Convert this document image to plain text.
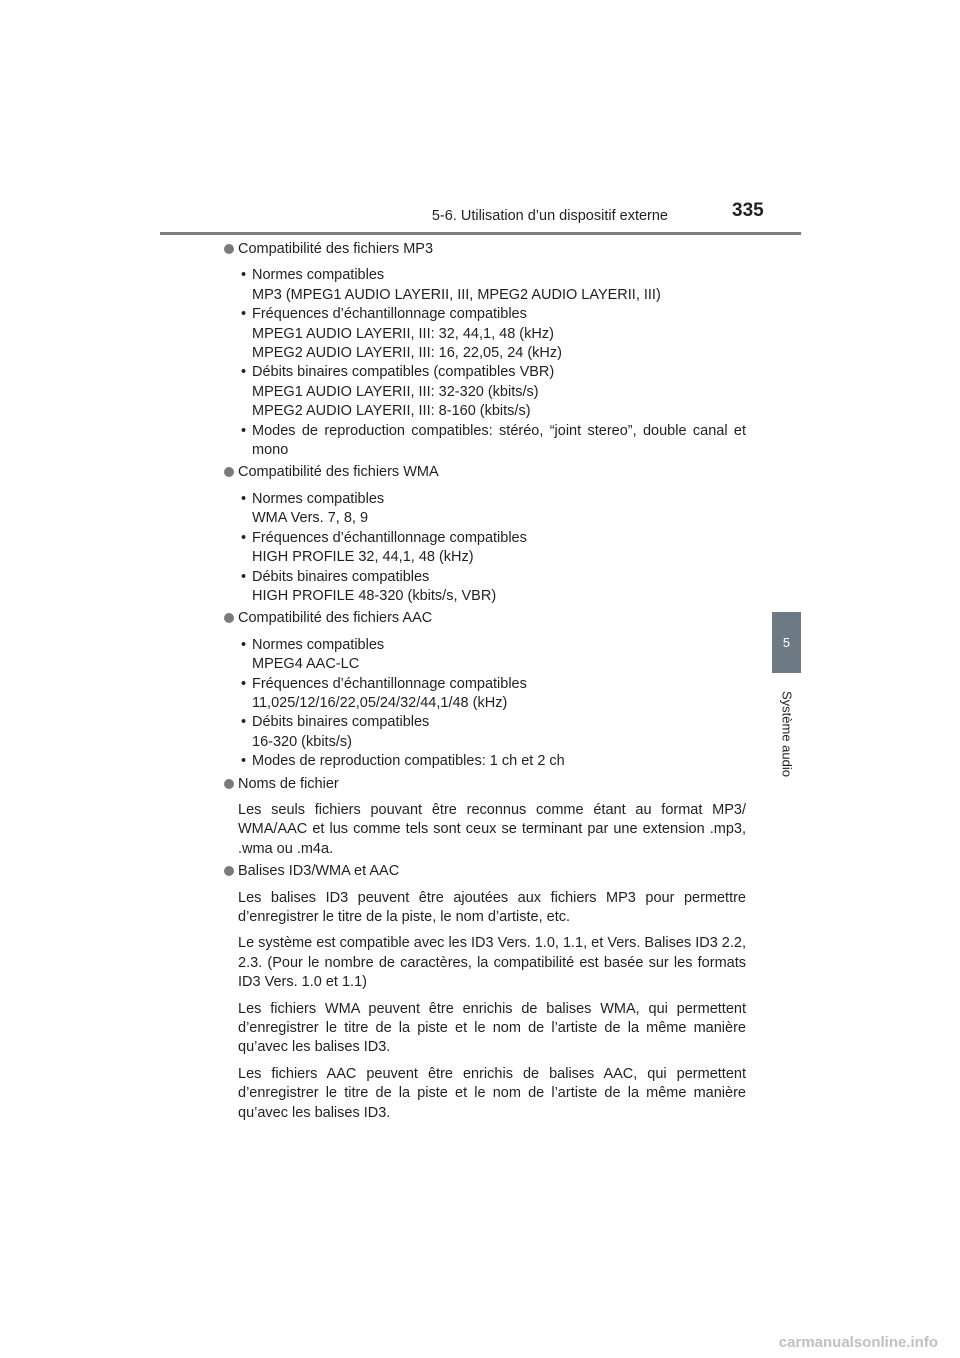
5-6. Utilisation d’un dispositif externe	335
5
Système audio
Compatibilité des fichiers MP3
• Normes compatibles
MP3 (MPEG1 AUDIO LAYERII, III, MPEG2 AUDIO LAYERII, III)
• Fréquences d’échantillonnage compatibles
MPEG1 AUDIO LAYERII, III: 32, 44,1, 48 (kHz)
MPEG2 AUDIO LAYERII, III: 16, 22,05, 24 (kHz)
• Débits binaires compatibles (compatibles VBR)
MPEG1 AUDIO LAYERII, III: 32-320 (kbits/s)
MPEG2 AUDIO LAYERII, III: 8-160 (kbits/s)
• Modes de reproduction compatibles: stéréo, “joint stereo”, double canal et mono
Compatibilité des fichiers WMA
• Normes compatibles
WMA Vers. 7, 8, 9
• Fréquences d’échantillonnage compatibles
HIGH PROFILE 32, 44,1, 48 (kHz)
• Débits binaires compatibles
HIGH PROFILE 48-320 (kbits/s, VBR)
Compatibilité des fichiers AAC
• Normes compatibles
MPEG4 AAC-LC
• Fréquences d’échantillonnage compatibles
11,025/12/16/22,05/24/32/44,1/48 (kHz)
• Débits binaires compatibles
16-320 (kbits/s)
• Modes de reproduction compatibles: 1 ch et 2 ch
Noms de fichier
Les seuls fichiers pouvant être reconnus comme étant au format MP3/ WMA/AAC et lus comme tels sont ceux se terminant par une extension .mp3, .wma ou .m4a.
Balises ID3/WMA et AAC
Les balises ID3 peuvent être ajoutées aux fichiers MP3 pour permettre d’enregistrer le titre de la piste, le nom d’artiste, etc.
Le système est compatible avec les ID3 Vers. 1.0, 1.1, et Vers. Balises ID3 2.2, 2.3. (Pour le nombre de caractères, la compatibilité est basée sur les formats ID3 Vers. 1.0 et 1.1)
Les fichiers WMA peuvent être enrichis de balises WMA, qui permettent d’enregistrer le titre de la piste et le nom de l’artiste de la même manière qu’avec les balises ID3.
Les fichiers AAC peuvent être enrichis de balises AAC, qui permettent d’enregistrer le titre de la piste et le nom de l’artiste de la même manière qu’avec les balises ID3.
carmanualsonline.info
